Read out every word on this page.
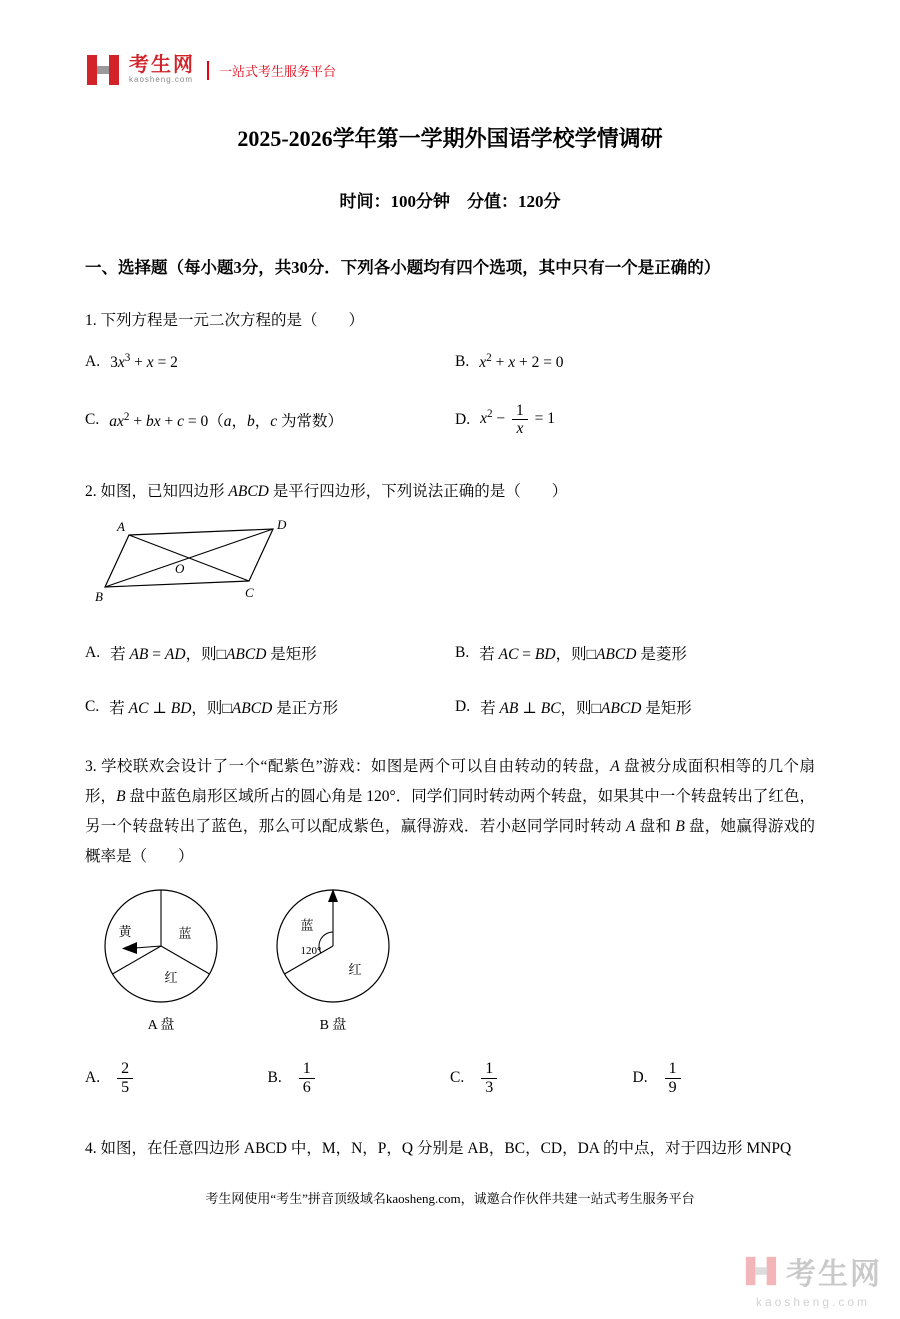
考生网
kaosheng.com
一站式考生服务平台
2025-2026学年第一学期外国语学校学情调研
时间：100分钟　分值：120分
一、选择题（每小题3分，共30分．下列各小题均有四个选项，其中只有一个是正确的）
1. 下列方程是一元二次方程的是（　　）
A. $3x^3 + x = 2$	B. $x^2 + x + 2 = 0$
C. $ax^2$ + bx + c = 0（a，b，c 为常数）	D. $x^2 - \frac{1}{x} = 1$
2. 如图，已知四边形 ABCD 是平行四边形，下列说法正确的是（　　）
A	D
B	C
O
A. 若 AB = AD，则□ABCD 是矩形	B. 若 AC = BD，则□ABCD 是菱形
C. 若 AC ⊥ BD，则□ABCD 是正方形	D. 若 AB ⊥ BC，则□ABCD 是矩形
3. 学校联欢会设计了一个“配紫色”游戏：如图是两个可以自由转动的转盘，A 盘被分成面积相等的几个扇形，B 盘中蓝色扇形区域所占的圆心角是 120°．同学们同时转动两个转盘，如果其中一个转盘转出了红色，另一个转盘转出了蓝色，那么可以配成紫色，赢得游戏．若小赵同学同时转动 A 盘和 B 盘，她赢得游戏的概率是（　　）
黄	蓝
红
A 盘
蓝
120°
红
B 盘
A. $\frac{2}{5}$	B. $\frac{1}{6}$	C. $\frac{1}{3}$	D. $\frac{1}{9}$
4. 如图，在任意四边形 ABCD 中，M，N，P，Q 分别是 AB，BC，CD，DA 的中点，对于四边形 MNPQ
考生网使用“考生”拼音顶级域名kaosheng.com，诚邀合作伙伴共建一站式考生服务平台
考生网
kaosheng.com
